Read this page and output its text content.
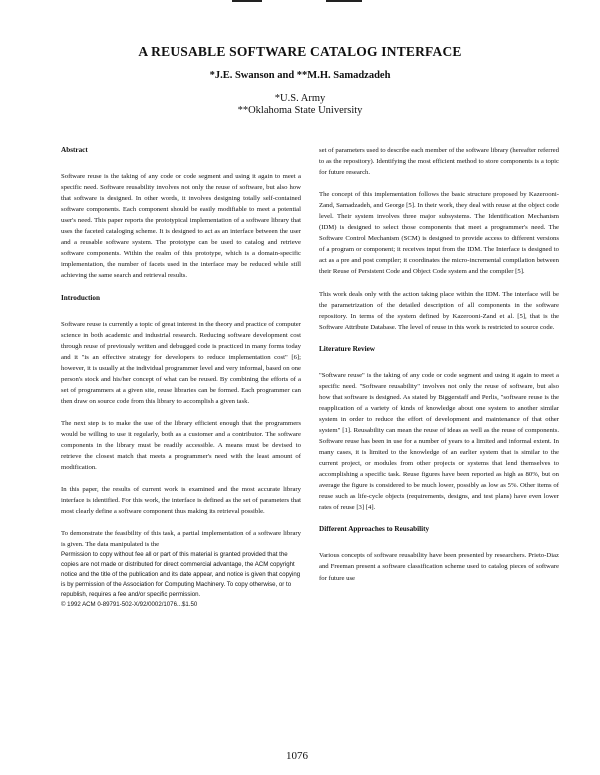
A REUSABLE SOFTWARE CATALOG INTERFACE
*J.E. Swanson and **M.H. Samadzadeh
*U.S. Army
**Oklahoma State University
Abstract

Software reuse is the taking of any code or code segment and using it again to meet a specific need. Software reusability involves not only the reuse of software, but also how that software is designed. In other words, it involves designing totally self-contained software components. Each component should be easily modifiable to meet a potential user's need. This paper reports the prototypical implementation of a software library that uses the faceted cataloging scheme. It is designed to act as an interface between the user and a reusable software system. The prototype can be used to catalog and retrieve software components. Within the realm of this prototype, which is a domain-specific implementation, the number of facets used in the interface may be reduced while still achieving the same search and retrieval results.

Introduction

Software reuse is currently a topic of great interest in the theory and practice of computer science in both academic and industrial research. Reducing software development cost through reuse of previously written and debugged code is practiced in many forms today and it "is an effective strategy for developers to reduce implementation cost" [6]; however, it is usually at the individual programmer level and very informal, based on one person's stock and his/her concept of what can be reused. By combining the efforts of a set of programmers at a given site, reuse libraries can be formed. Each programmer can then draw on source code from this library to accomplish a given task.

The next step is to make the use of the library efficient enough that the programmers would be willing to use it regularly, both as a customer and a contributor. The software components in the library must be readily accessible. A means must be devised to retrieve the closest match that meets a programmer's need with the least amount of modification.

In this paper, the results of current work is examined and the most accurate library interface is identified. For this work, the interface is defined as the set of parameters that most clearly define a software component thus making its retrieval possible.

To demonstrate the feasibility of this task, a partial implementation of a software library is given. The data manipulated is the

Permission to copy without fee all or part of this material is granted provided that the copies are not made or distributed for direct commercial advantage, the ACM copyright notice and the title of the publication and its date appear, and notice is given that copying is by permission of the Association for Computing Machinery. To copy otherwise, or to republish, requires a fee and/or specific permission.

© 1992 ACM 0-89791-502-X/92/0002/1076...$1.50

set of parameters used to describe each member of the software library (hereafter referred to as the repository). Identifying the most efficient method to store components is a topic for future research.

The concept of this implementation follows the basic structure proposed by Kazerooni-Zand, Samadzadeh, and George [5]. In their work, they deal with reuse at the object code level. Their system involves three major subsystems. The Identification Mechanism (IDM) is designed to select those components that meet a programmer's need. The Software Control Mechanism (SCM) is designed to provide access to different versions of a program or component; it receives input from the IDM. The Interface is designed to act as a pre and post compiler; it coordinates the micro-incremental compilation between their Reuse of Persistent Code and Object Code system and the compiler [5].

This work deals only with the action taking place within the IDM. The interface will be the parametrization of the detailed description of all components in the software repository. In terms of the system defined by Kazerooni-Zand et al. [5], that is the Software Attribute Database. The level of reuse in this work is restricted to source code.

Literature Review

"Software reuse" is the taking of any code or code segment and using it again to meet a specific need. "Software reusability" involves not only the reuse of software, but also how that software is designed. As stated by Biggerstaff and Perlis, "software reuse is the reapplication of a variety of kinds of knowledge about one system to another similar system in order to reduce the effort of development and maintenance of that other system" [1]. Reusability can mean the reuse of ideas as well as the reuse of components. Software reuse has been in use for a number of years to a limited and informal extent. In many cases, it is limited to the knowledge of an earlier system that is similar to the current project, or modules from other projects or systems that lend themselves to accomplishing a specific task. Reuse figures have been reported as high as 80%, but on average the figure is considered to be much lower, possibly as low as 5%. Other items of reuse such as life-cycle objects (requirements, designs, and test plans) have even lower rates of reuse [3] [4].

Different Approaches to Reusability

Various concepts of software reusability have been presented by researchers. Prieto-Diaz and Freeman present a software classification scheme used to catalog pieces of software for future use

1076
